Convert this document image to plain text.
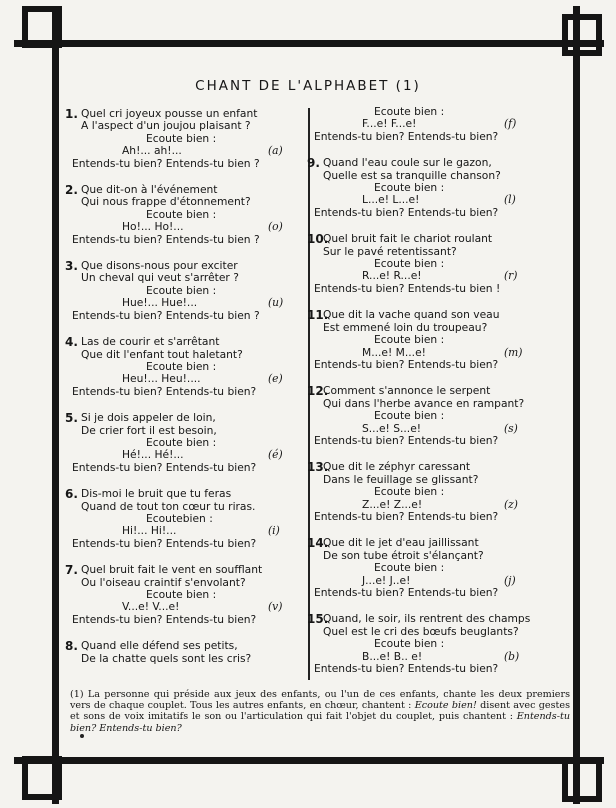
CHANT DE L'ALPHABET (1)
1. Quel cri joyeux pousse un enfant
A l'aspect d'un joujou plaisant ?
Ecoute bien :
Ah!... ah!...	(a)
Entends-tu bien? Entends-tu bien ?
2. Que dit-on à l'événement
Qui nous frappe d'étonnement?
Ecoute bien :
Ho!... Ho!...	(o)
Entends-tu bien? Entends-tu bien ?
3. Que disons-nous pour exciter
Un cheval qui veut s'arrêter ?
Ecoute bien :
Hue!... Hue!...	(u)
Entends-tu bien? Entends-tu bien ?
4. Las de courir et s'arrêtant
Que dit l'enfant tout haletant?
Ecoute bien :
Heu!... Heu!....	(e)
Entends-tu bien? Entends-tu bien?
5. Si je dois appeler de loin,
De crier fort il est besoin,
Ecoute bien :
Hé!... Hé!...	(é)
Entends-tu bien? Entends-tu bien?
6. Dis-moi le bruit que tu feras
Quand de tout ton cœur tu riras.
Ecoutebien :
Hi!... Hi!...	(i)
Entends-tu bien? Entends-tu bien?
7. Quel bruit fait le vent en soufflant
Ou l'oiseau craintif s'envolant?
Ecoute bien :
V...e! V...e!	(v)
Entends-tu bien? Entends-tu bien?
8. Quand elle défend ses petits,
De la chatte quels sont les cris?
Ecoute bien :
F...e! F...e!	(f)
Entends-tu bien? Entends-tu bien?
9. Quand l'eau coule sur le gazon,
Quelle est sa tranquille chanson?
Ecoute bien :
L...e! L...e!	(l)
Entends-tu bien? Entends-tu bien?
10.
Quel bruit fait le chariot roulant
Sur le pavé retentissant?
Ecoute bien :
R...e! R...e!	(r)
Entends-tu bien? Entends-tu bien !
11.
Que dit la vache quand son veau
Est emmené loin du troupeau?
Ecoute bien :
M...e! M...e!	(m)
Entends-tu bien? Entends-tu bien?
12.
Comment s'annonce le serpent
Qui dans l'herbe avance en rampant?
Ecoute bien :
S...e! S...e!	(s)
Entends-tu bien? Entends-tu bien?
13.
Que dit le zéphyr caressant
Dans le feuillage se glissant?
Ecoute bien :
Z...e! Z...e!	(z)
Entends-tu bien? Entends-tu bien?
14.
Que dit le jet d'eau jaillissant
De son tube étroit s'élançant?
Ecoute bien :
J...e! J..e!	(j)
Entends-tu bien? Entends-tu bien?
15.
Quand, le soir, ils rentrent des champs
Quel est le cri des bœufs beuglants?
Ecoute bien :
B...e! B.. e!	(b)
Entends-tu bien? Entends-tu bien?
(1) La personne qui préside aux jeux des enfants, ou l'un de ces enfants, chante les deux premiers vers de chaque couplet. Tous les autres enfants, en chœur, chantent : Ecoute bien! disent avec gestes et sons de voix imitatifs le son ou l'articulation qui fait l'objet du couplet, puis chantent : Entends-tu bien? Entends-tu bien?
